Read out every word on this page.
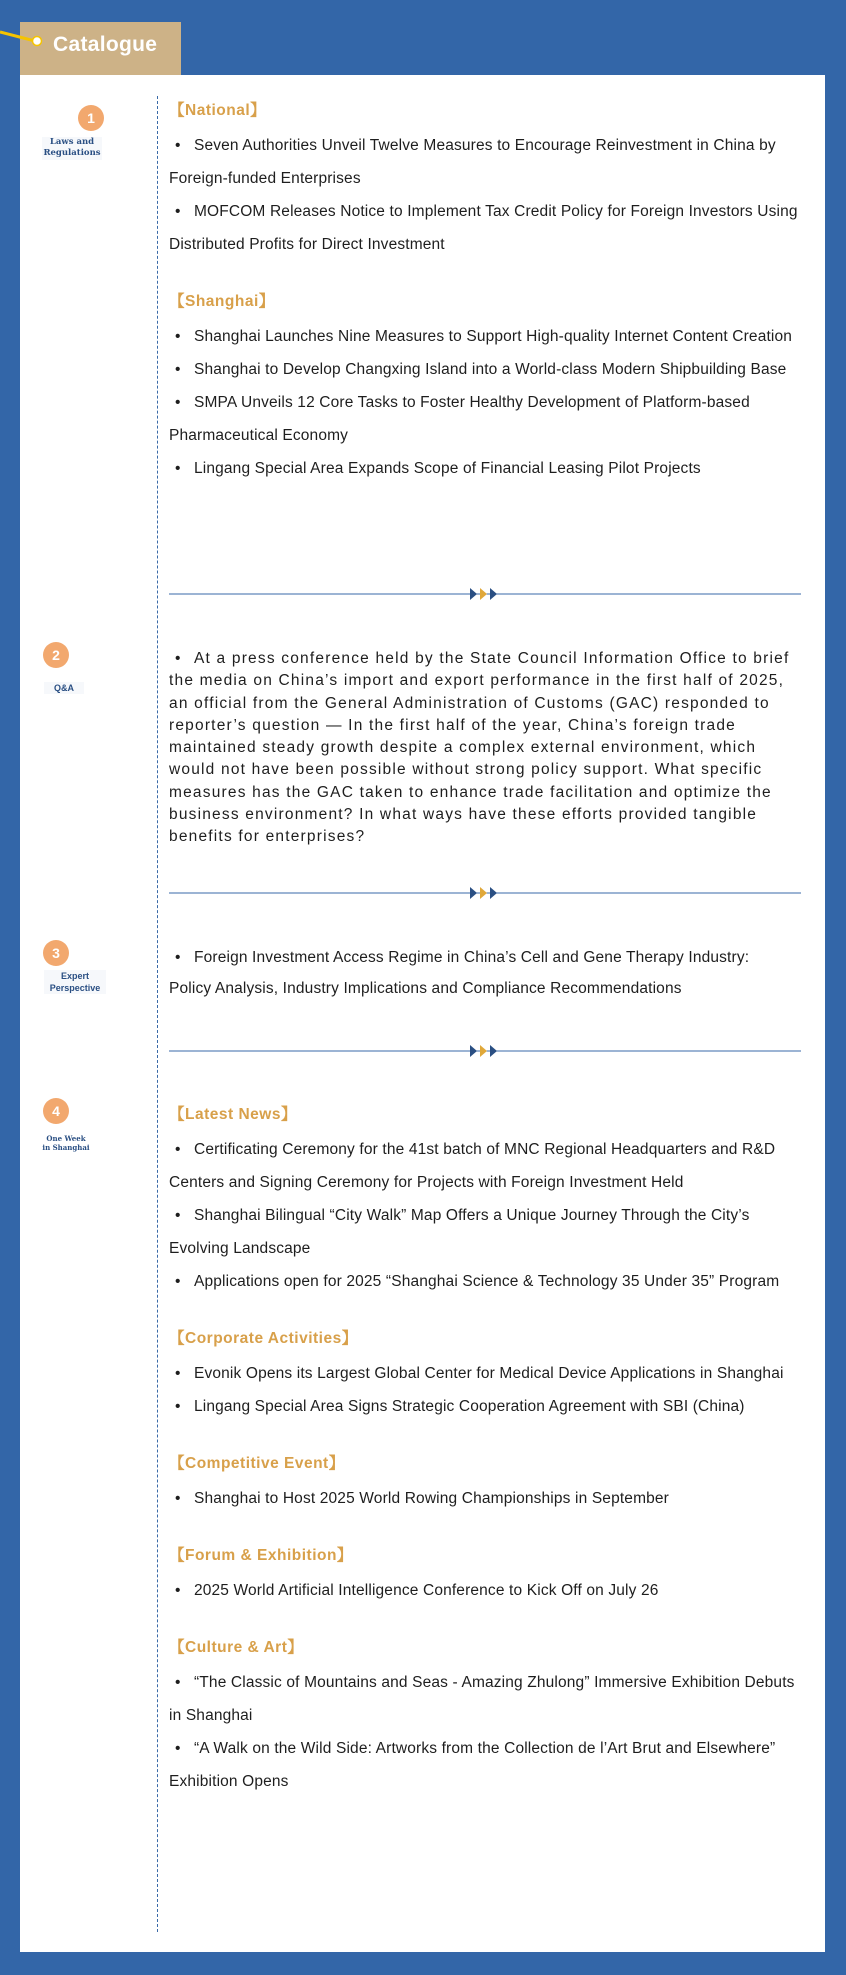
Catalogue
1
Laws and
Regulations
【National】

• Seven Authorities Unveil Twelve Measures to Encourage Reinvestment in China by Foreign-funded Enterprises

• MOFCOM Releases Notice to Implement Tax Credit Policy for Foreign Investors Using Distributed Profits for Direct Investment

【Shanghai】

• Shanghai Launches Nine Measures to Support High-quality Internet Content Creation

• Shanghai to Develop Changxing Island into a World-class Modern Shipbuilding Base

• SMPA Unveils 12 Core Tasks to Foster Healthy Development of Platform-based Pharmaceutical Economy

• Lingang Special Area Expands Scope of Financial Leasing Pilot Projects

2
Q&A

• At a press conference held by the State Council Information Office to brief the media on China’s import and export performance in the first half of 2025, an official from the General Administration of Customs (GAC) responded to reporter’s question — In the first half of the year, China’s foreign trade maintained steady growth despite a complex external environment, which would not have been possible without strong policy support. What specific measures has the GAC taken to enhance trade facilitation and optimize the business environment? In what ways have these efforts provided tangible benefits for enterprises?

3
Expert
Perspective

• Foreign Investment Access Regime in China’s Cell and Gene Therapy Industry: Policy Analysis, Industry Implications and Compliance Recommendations

4
One Week
in Shanghai
【Latest News】

• Certificating Ceremony for the 41st batch of MNC Regional Headquarters and R&D Centers and Signing Ceremony for Projects with Foreign Investment Held

• Shanghai Bilingual “City Walk” Map Offers a Unique Journey Through the City’s Evolving Landscape

• Applications open for 2025 “Shanghai Science & Technology 35 Under 35” Program

【Corporate Activities】

• Evonik Opens its Largest Global Center for Medical Device Applications in Shanghai

• Lingang Special Area Signs Strategic Cooperation Agreement with SBI (China)

【Competitive Event】

• Shanghai to Host 2025 World Rowing Championships in September

【Forum & Exhibition】

• 2025 World Artificial Intelligence Conference to Kick Off on July 26

【Culture & Art】

• “The Classic of Mountains and Seas - Amazing Zhulong” Immersive Exhibition Debuts in Shanghai

• “A Walk on the Wild Side: Artworks from the Collection de l’Art Brut and Elsewhere” Exhibition Opens
